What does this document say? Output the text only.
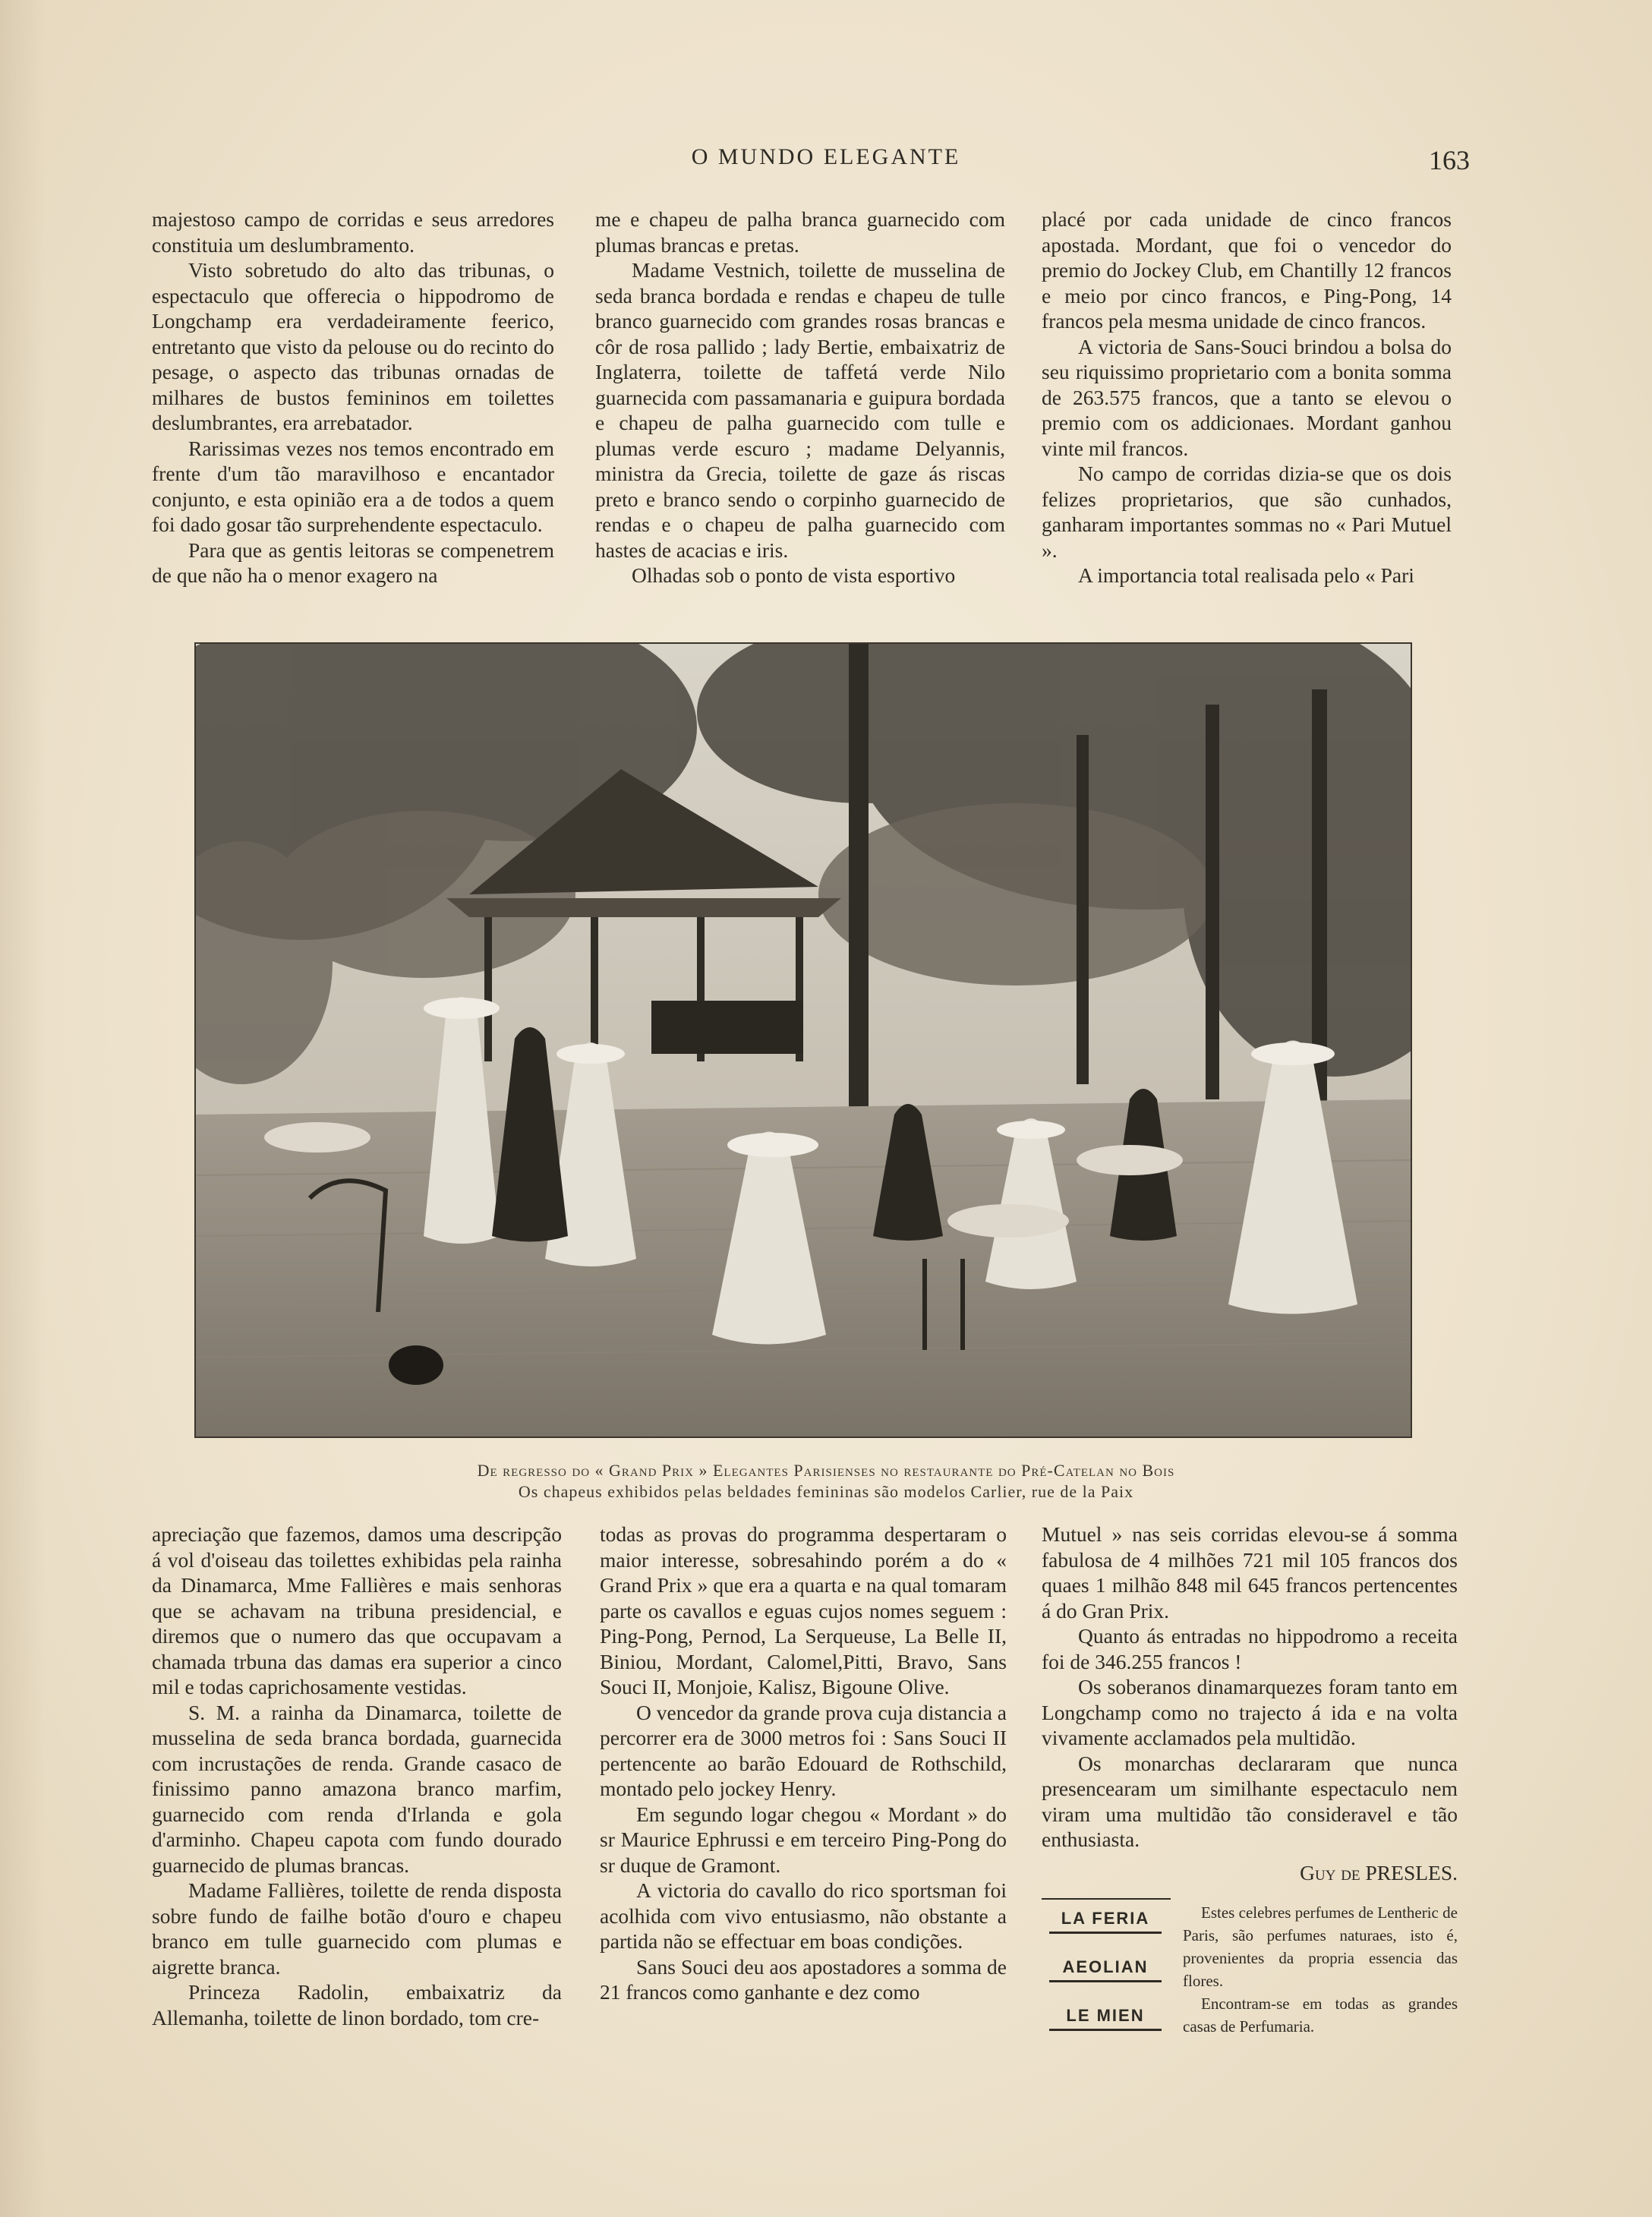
O MUNDO ELEGANTE	163

majestoso campo de corridas e seus arredores constituia um deslumbramento.

Visto sobretudo do alto das tribunas, o espectaculo que offerecia o hippodromo de Longchamp era verdadeiramente feerico, entretanto que visto da pelouse ou do recinto do pesage, o aspecto das tribunas ornadas de milhares de bustos femininos em toilettes deslumbrantes, era arrebatador.

Rarissimas vezes nos temos encontrado em frente d'um tão maravilhoso e encantador conjunto, e esta opinião era a de todos a quem foi dado gosar tão surprehendente espectaculo.

Para que as gentis leitoras se compenetrem de que não ha o menor exagero na

me e chapeu de palha branca guarnecido com plumas brancas e pretas.

Madame Vestnich, toilette de musselina de seda branca bordada e rendas e chapeu de tulle branco guarnecido com grandes rosas brancas e côr de rosa pallido ; lady Bertie, embaixatriz de Inglaterra, toilette de taffetá verde Nilo guarnecida com passamanaria e guipura bordada e chapeu de palha guarnecido com tulle e plumas verde escuro ; madame Delyannis, ministra da Grecia, toilette de gaze ás riscas preto e branco sendo o corpinho guarnecido de rendas e o chapeu de palha guarnecido com hastes de acacias e iris.

Olhadas sob o ponto de vista esportivo

placé por cada unidade de cinco francos apostada. Mordant, que foi o vencedor do premio do Jockey Club, em Chantilly 12 francos e meio por cinco francos, e Ping-Pong, 14 francos pela mesma unidade de cinco francos.

A victoria de Sans-Souci brindou a bolsa do seu riquissimo proprietario com a bonita somma de 263.575 francos, que a tanto se elevou o premio com os addicionaes. Mordant ganhou vinte mil francos.

No campo de corridas dizia-se que os dois felizes proprietarios, que são cunhados, ganharam importantes sommas no « Pari Mutuel ».

A importancia total realisada pelo « Pari

De regresso do « Grand Prix » Elegantes Parisienses no restaurante do Pré-Catelan no Bois
Os chapeus exhibidos pelas beldades femininas são modelos Carlier, rue de la Paix

apreciação que fazemos, damos uma descripção á vol d'oiseau das toilettes exhibidas pela rainha da Dinamarca, Mme Fallières e mais senhoras que se achavam na tribuna presidencial, e diremos que o numero das que occupavam a chamada trbuna das damas era superior a cinco mil e todas caprichosamente vestidas.

S. M. a rainha da Dinamarca, toilette de musselina de seda branca bordada, guarnecida com incrustações de renda. Grande casaco de finissimo panno amazona branco marfim, guarnecido com renda d'Irlanda e gola d'arminho. Chapeu capota com fundo dourado guarnecido de plumas brancas.

Madame Fallières, toilette de renda disposta sobre fundo de failhe botão d'ouro e chapeu branco em tulle guarnecido com plumas e aigrette branca.

Princeza Radolin, embaixatriz da Allemanha, toilette de linon bordado, tom cre-

todas as provas do programma despertaram o maior interesse, sobresahindo porém a do « Grand Prix » que era a quarta e na qual tomaram parte os cavallos e eguas cujos nomes seguem : Ping-Pong, Pernod, La Serqueuse, La Belle II, Biniou, Mordant, Calomel,Pitti, Bravo, Sans Souci II, Monjoie, Kalisz, Bigoune Olive.

O vencedor da grande prova cuja distancia a percorrer era de 3000 metros foi : Sans Souci II pertencente ao barão Edouard de Rothschild, montado pelo jockey Henry.

Em segundo logar chegou « Mordant » do sr Maurice Ephrussi e em terceiro Ping-Pong do sr duque de Gramont.

A victoria do cavallo do rico sportsman foi acolhida com vivo entusiasmo, não obstante a partida não se effectuar em boas condições.

Sans Souci deu aos apostadores a somma de 21 francos como ganhante e dez como

Mutuel » nas seis corridas elevou-se á somma fabulosa de 4 milhões 721 mil 105 francos dos quaes 1 milhão 848 mil 645 francos pertencentes á do Gran Prix.

Quanto ás entradas no hippodromo a receita foi de 346.255 francos !

Os soberanos dinamarquezes foram tanto em Longchamp como no trajecto á ida e na volta vivamente acclamados pela multidão.

Os monarchas declararam que nunca presencearam um similhante espectaculo nem viram uma multidão tão consideravel e tão enthusiasta.

Guy de PRESLES.

LA FERIA
AEOLIAN
LE MIEN

Estes celebres perfumes de Lentheric de Paris, são perfumes naturaes, isto é, provenientes da propria essencia das flores.

Encontram-se em todas as grandes casas de Perfumaria.
